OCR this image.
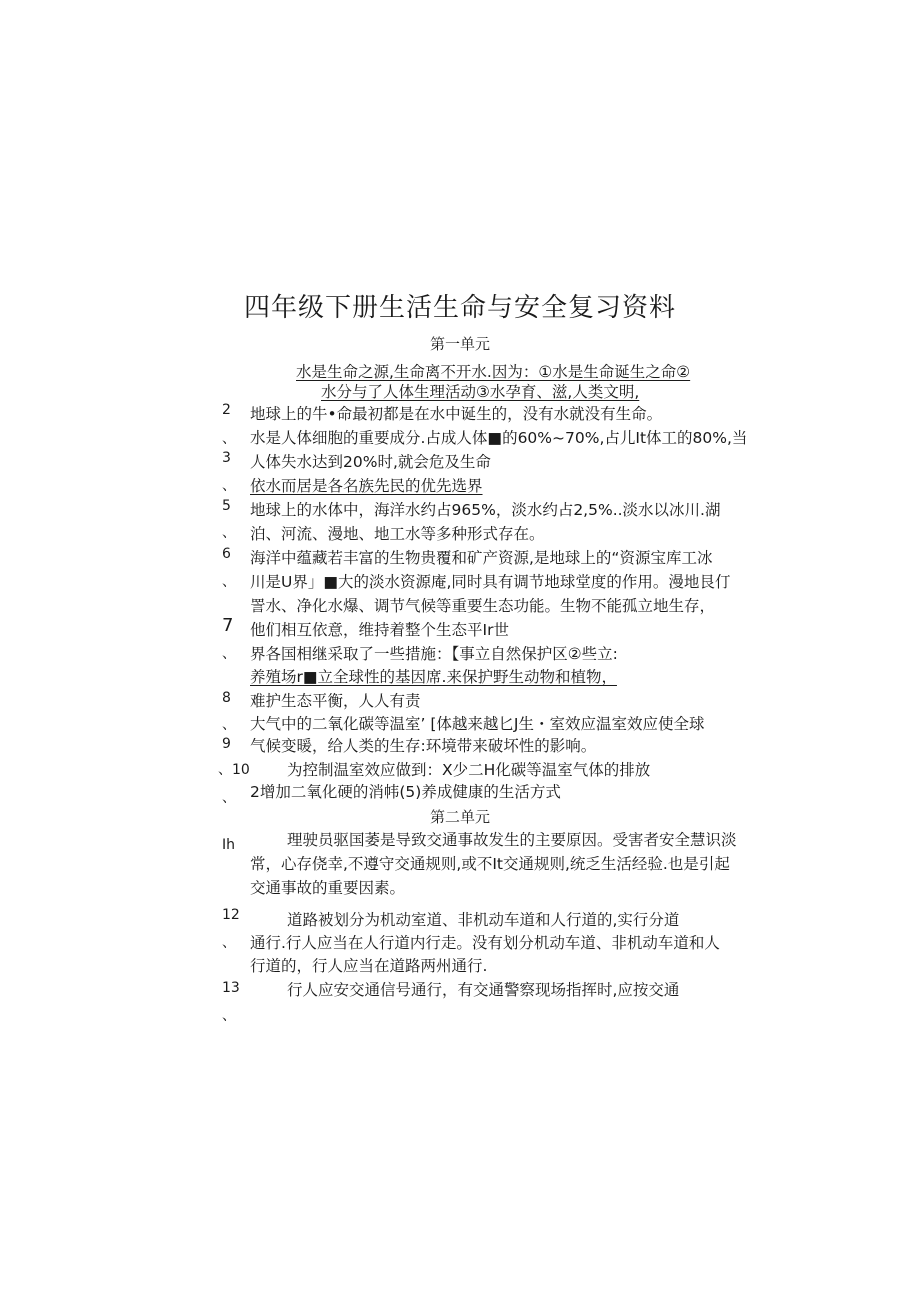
四年级下册生活生命与安全复习资料
第一单元
2
、
3
、
5
、
6
、
7
、
8
、
9
、10
、
Ih
12
、
13
、
水是生命之源,生命离不开水.因为：①水是生命诞生之命②
水分与了人体生理活动③水孕育、滋,人类文明,
地球上的牛•命最初都是在水中诞生的，没有水就没有生命。
水是人体细胞的重要成分.占成人体■的60%~70%,占儿It体工的80%,当
人体失水达到20%时,就会危及生命
依水而居是各名族先民的优先选界
地球上的水体中，海洋水约占965%，淡水约占2,5%..淡水以冰川.湖
泊、河流、漫地、地工水等多种形式存在。
海洋中蕴藏若丰富的生物贵覆和矿产资源,是地球上的“资源宝库工冰
川是U界」■大的淡水资源庵,同时具有调节地球堂度的作用。漫地艮仃
詈水、净化水爆、调节气候等重要生态功能。生物不能孤立地生存，
他们相互依意，维持着整个生态平Ir世
界各国相继采取了一些措施：【事立自然保护区②些立:
养殖场r■立全球性的基因席.来保护野生动物和植物，
难护生态平衡，人人有责
大气中的二氧化碳等温室’ [体越来越匕J生・室效应温室效应使全球
气候变暖，给人类的生存:环境带来破坏性的影响。
为控制温室效应做到：X少二H化碳等温室气体的排放
2增加二氧化硬的消帏(5)养成健康的生活方式
第二单元
理驶员驱国萎是导致交通事故发生的主要原因。受害者安全慧识淡
常，心存侥幸,不遵守交通规则,或不It交通规则,统乏生活经验.也是引起
交通事故的重要因素。
道路被划分为机动室道、非机动车道和人行道的,实行分道
通行.行人应当在人行道内行走。没有划分机动车道、非机动车道和人
行道的，行人应当在道路两州通行.
行人应安交通信号通行，有交通警察现场指挥时,应按交通
